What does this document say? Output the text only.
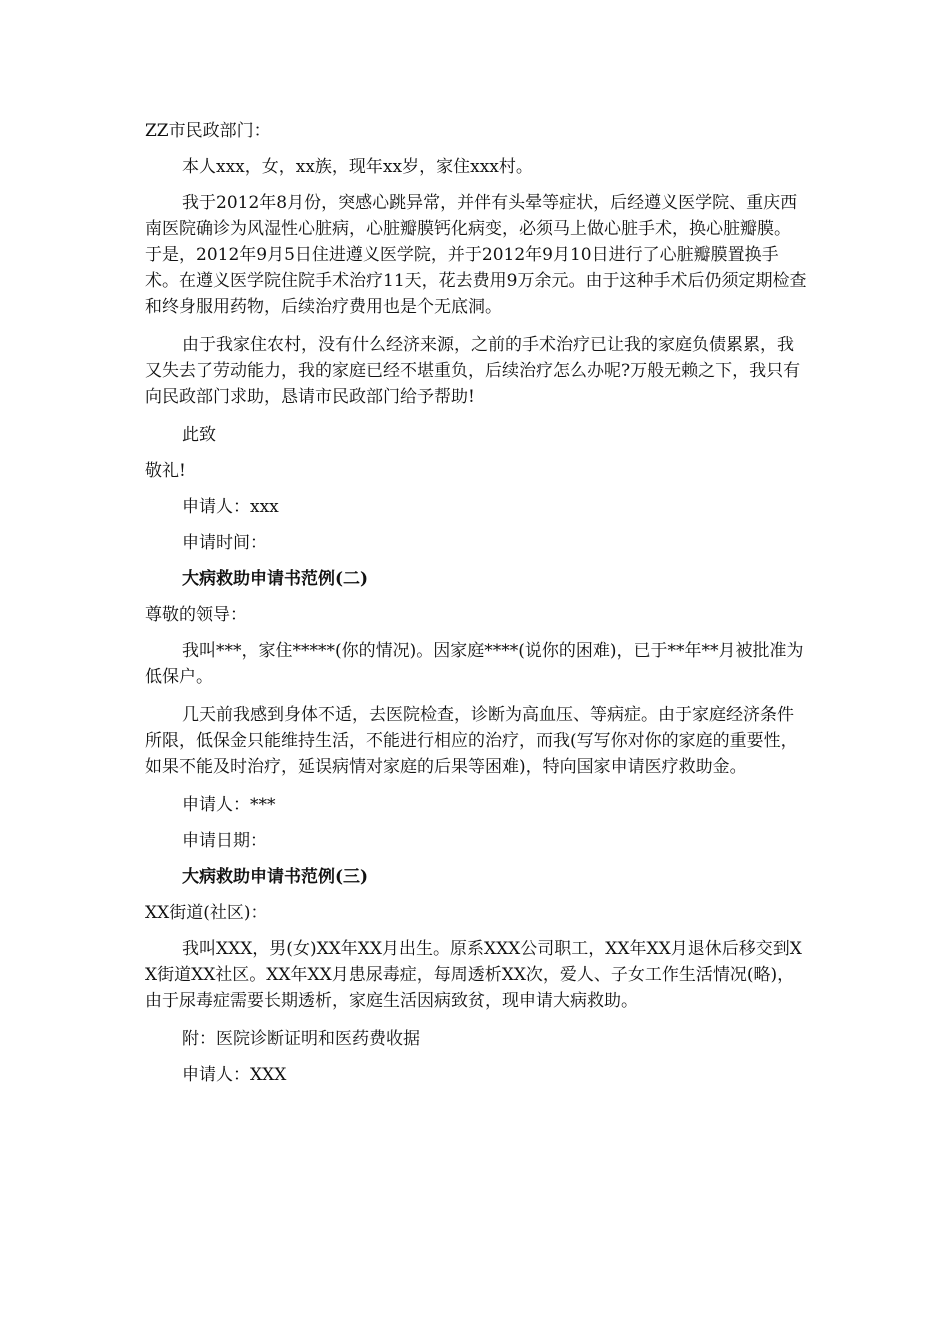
ZZ市民政部门：

本人xxx，女，xx族，现年xx岁，家住xxx村。

我于2012年8月份，突感心跳异常，并伴有头晕等症状，后经遵义医学院、重庆西南医院确诊为风湿性心脏病，心脏瓣膜钙化病变，必须马上做心脏手术，换心脏瓣膜。于是，2012年9月5日住进遵义医学院，并于2012年9月10日进行了心脏瓣膜置换手术。在遵义医学院住院手术治疗11天，花去费用9万余元。由于这种手术后仍须定期检查和终身服用药物，后续治疗费用也是个无底洞。

由于我家住农村，没有什么经济来源，之前的手术治疗已让我的家庭负债累累，我又失去了劳动能力，我的家庭已经不堪重负，后续治疗怎么办呢?万般无赖之下，我只有向民政部门求助，恳请市民政部门给予帮助!

此致

敬礼!

申请人：xxx

申请时间：

大病救助申请书范例(二)

尊敬的领导：

我叫***，家住*****(你的情况)。因家庭****(说你的困难)，已于**年**月被批准为低保户。

几天前我感到身体不适，去医院检查，诊断为高血压、等病症。由于家庭经济条件所限，低保金只能维持生活，不能进行相应的治疗，而我(写写你对你的家庭的重要性，如果不能及时治疗，延误病情对家庭的后果等困难)，特向国家申请医疗救助金。

申请人：***

申请日期：

大病救助申请书范例(三)

XX街道(社区)：

我叫XXX，男(女)XX年XX月出生。原系XXX公司职工，XX年XX月退休后移交到XX街道XX社区。XX年XX月患尿毒症，每周透析XX次，爱人、子女工作生活情况(略)，由于尿毒症需要长期透析，家庭生活因病致贫，现申请大病救助。

附：医院诊断证明和医药费收据

申请人：XXX
